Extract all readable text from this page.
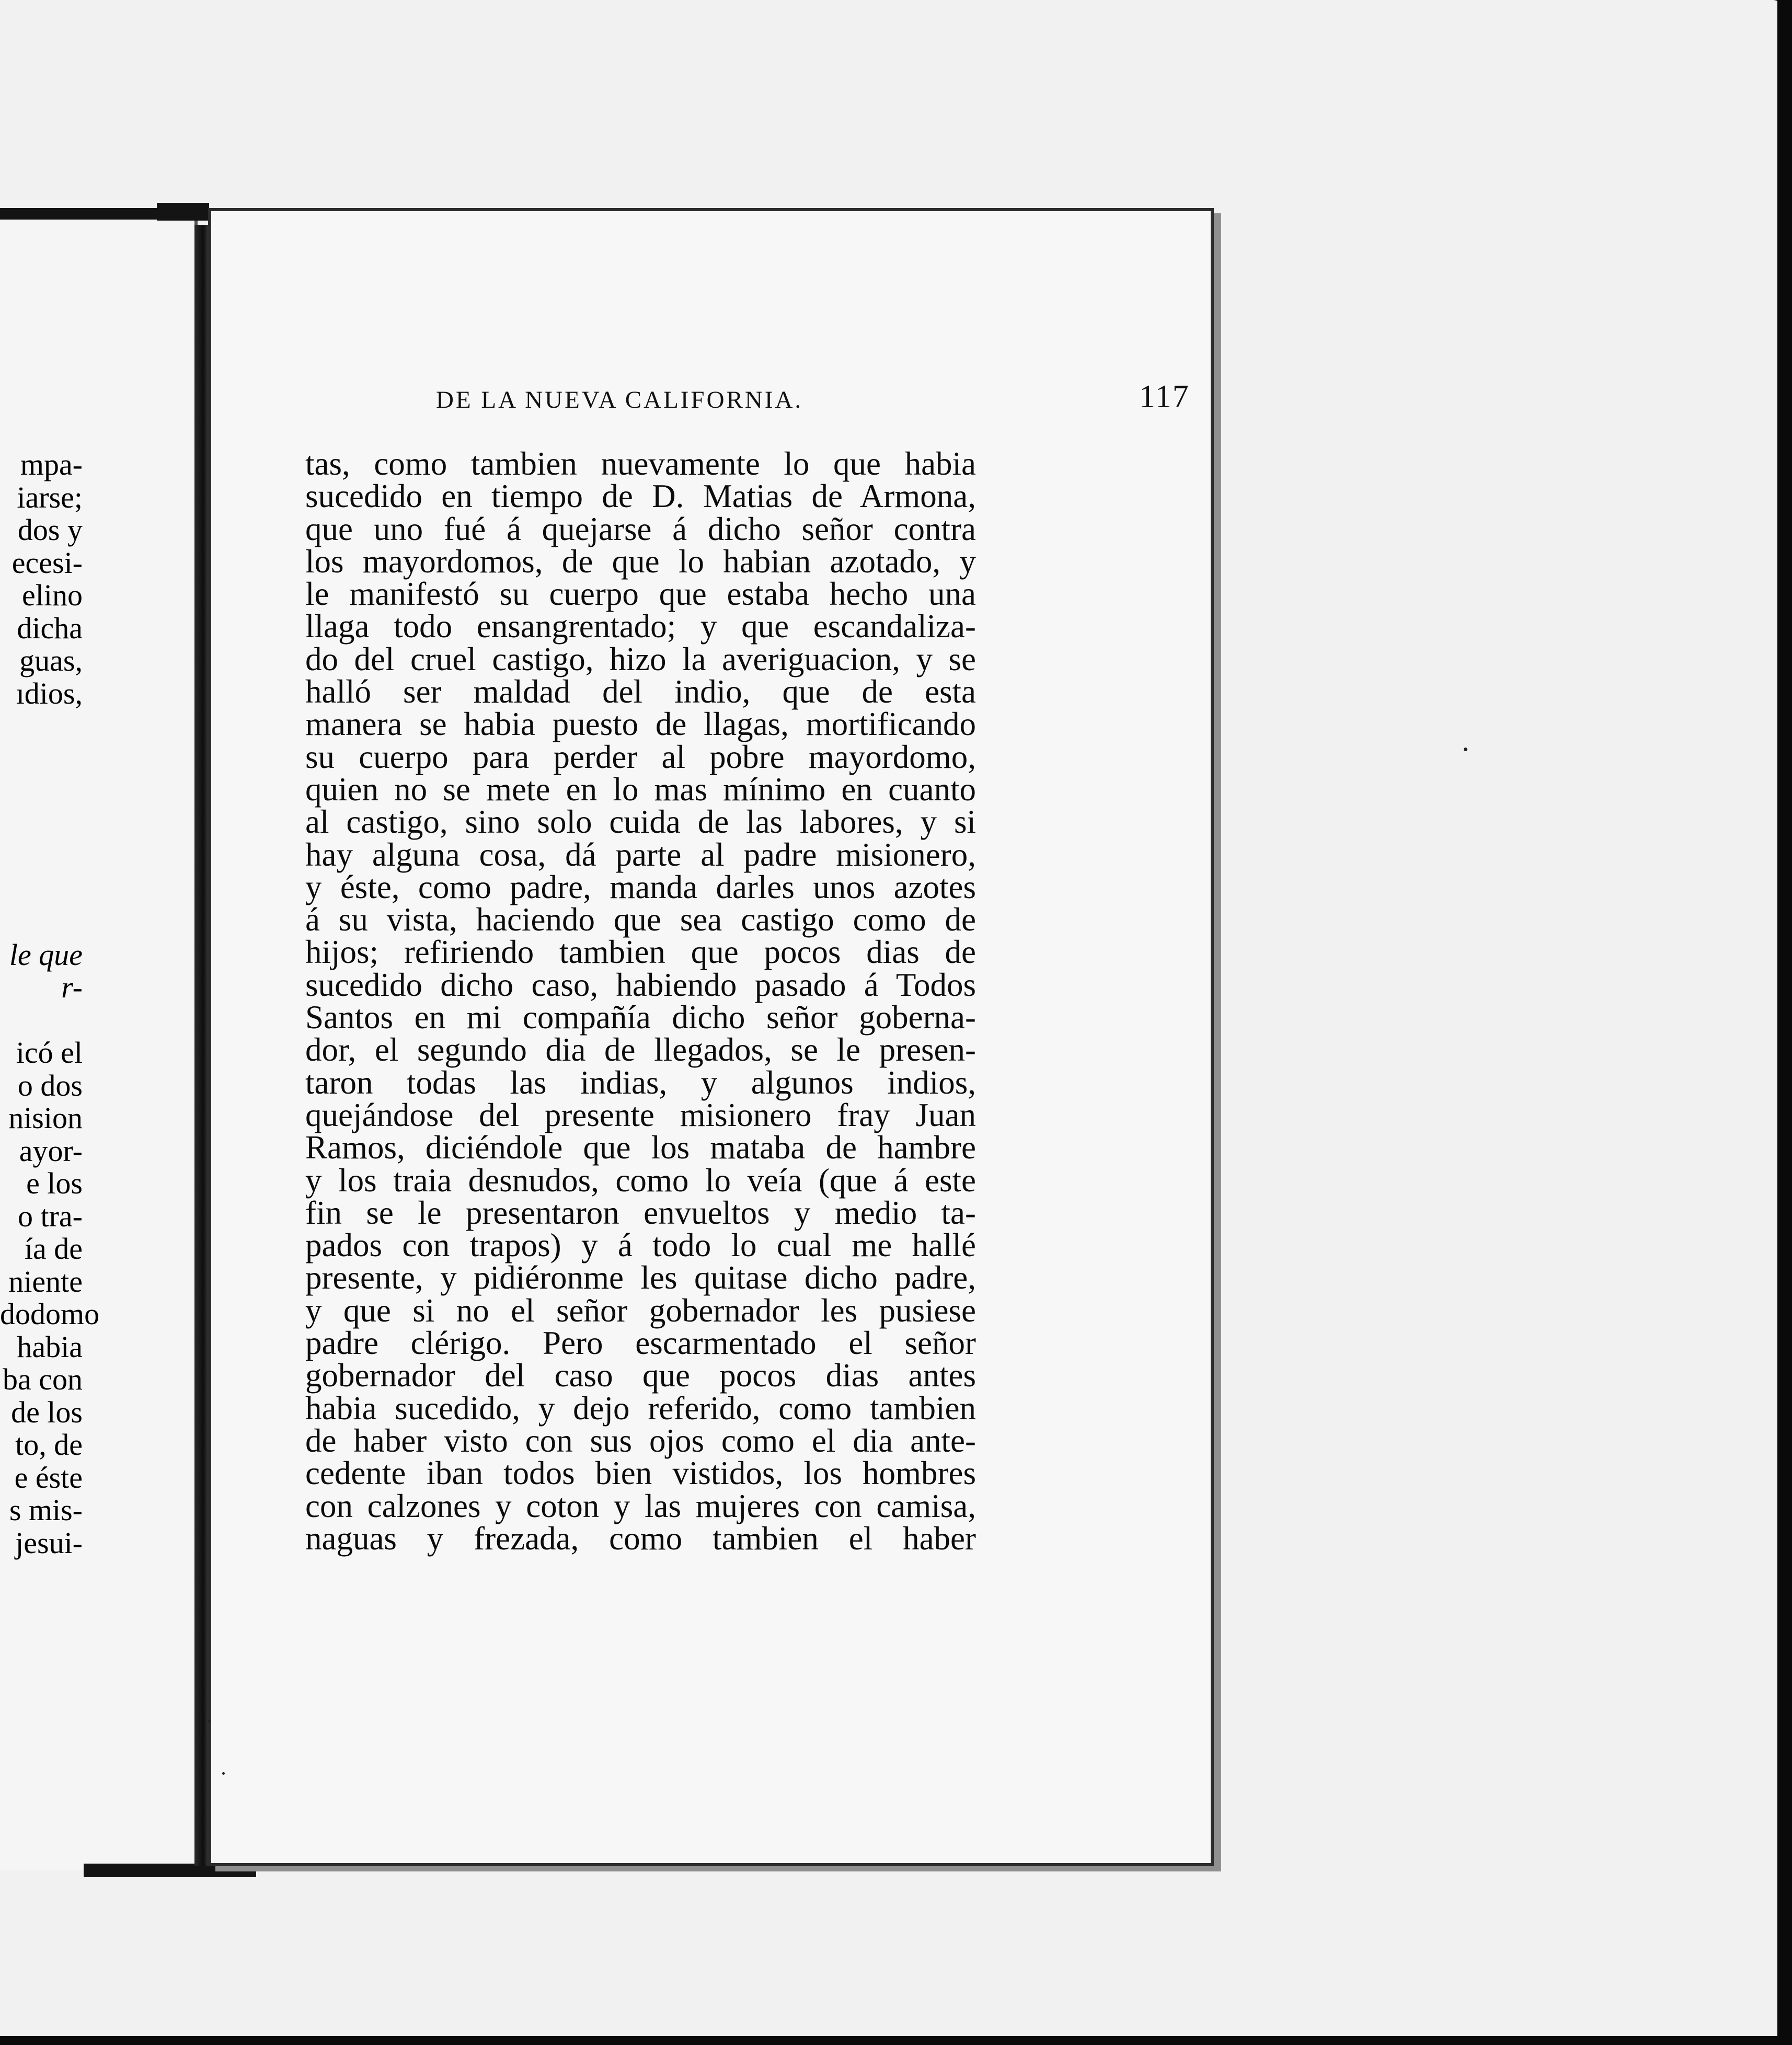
mpa-
iarse;
dos y
ecesi-
elino
dicha
guas,
ıdios,
le que
r-
icó el
o dos
nision
ayor-
e los
o tra-
ía de
niente
dodomo
habia
ba con
de los
to, de
e éste
s mis-
jesui-
DE LA NUEVA CALIFORNIA.	117
tas, como tambien nuevamente lo que habia
sucedido en tiempo de D. Matias de Armona,
que uno fué á quejarse á dicho señor contra
los mayordomos, de que lo habian azotado, y
le manifestó su cuerpo que estaba hecho una
llaga todo ensangrentado; y que escandaliza-
do del cruel castigo, hizo la averiguacion, y se
halló ser maldad del indio, que de esta
manera se habia puesto de llagas, mortificando
su cuerpo para perder al pobre mayordomo,
quien no se mete en lo mas mínimo en cuanto
al castigo, sino solo cuida de las labores, y si
hay alguna cosa, dá parte al padre misionero,
y éste, como padre, manda darles unos azotes
á su vista, haciendo que sea castigo como de
hijos; refiriendo tambien que pocos dias de
sucedido dicho caso, habiendo pasado á Todos
Santos en mi compañía dicho señor goberna-
dor, el segundo dia de llegados, se le presen-
taron todas las indias, y algunos indios,
quejándose del presente misionero fray Juan
Ramos, diciéndole que los mataba de hambre
y los traia desnudos, como lo veía (que á este
fin se le presentaron envueltos y medio ta-
pados con trapos) y á todo lo cual me hallé
presente, y pidiéronme les quitase dicho padre,
y que si no el señor gobernador les pusiese
padre clérigo. Pero escarmentado el señor
gobernador del caso que pocos dias antes
habia sucedido, y dejo referido, como tambien
de haber visto con sus ojos como el dia ante-
cedente iban todos bien vistidos, los hombres
con calzones y coton y las mujeres con camisa,
naguas y frezada, como tambien el haber
